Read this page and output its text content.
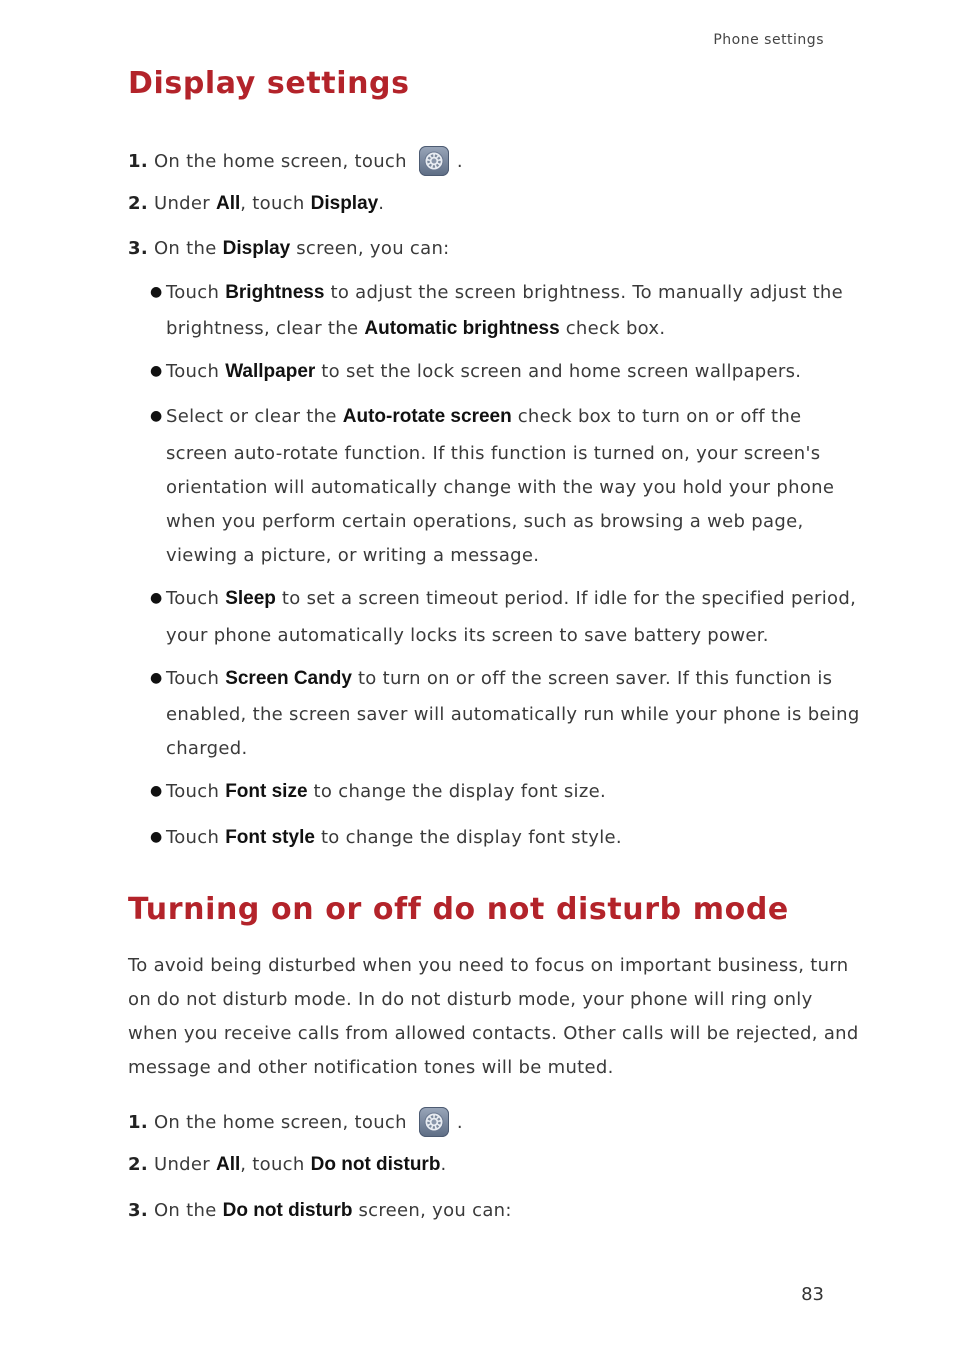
Phone settings
Display settings
1. On the home screen, touch	.
2. Under All, touch Display.
3. On the Display screen, you can:
● Touch Brightness to adjust the screen brightness. To manually adjust the
brightness, clear the Automatic brightness check box.
● Touch Wallpaper to set the lock screen and home screen wallpapers.
● Select or clear the Auto-rotate screen check box to turn on or off the
screen auto-rotate function. If this function is turned on, your screen's
orientation will automatically change with the way you hold your phone
when you perform certain operations, such as browsing a web page,
viewing a picture, or writing a message.
● Touch Sleep to set a screen timeout period. If idle for the specified period,
your phone automatically locks its screen to save battery power.
● Touch Screen Candy to turn on or off the screen saver. If this function is
enabled, the screen saver will automatically run while your phone is being
charged.
● Touch Font size to change the display font size.
● Touch Font style to change the display font style.
Turning on or off do not disturb mode
To avoid being disturbed when you need to focus on important business, turn
on do not disturb mode. In do not disturb mode, your phone will ring only
when you receive calls from allowed contacts. Other calls will be rejected, and
message and other notification tones will be muted.
1. On the home screen, touch	.
2. Under All, touch Do not disturb.
3. On the Do not disturb screen, you can:
83
